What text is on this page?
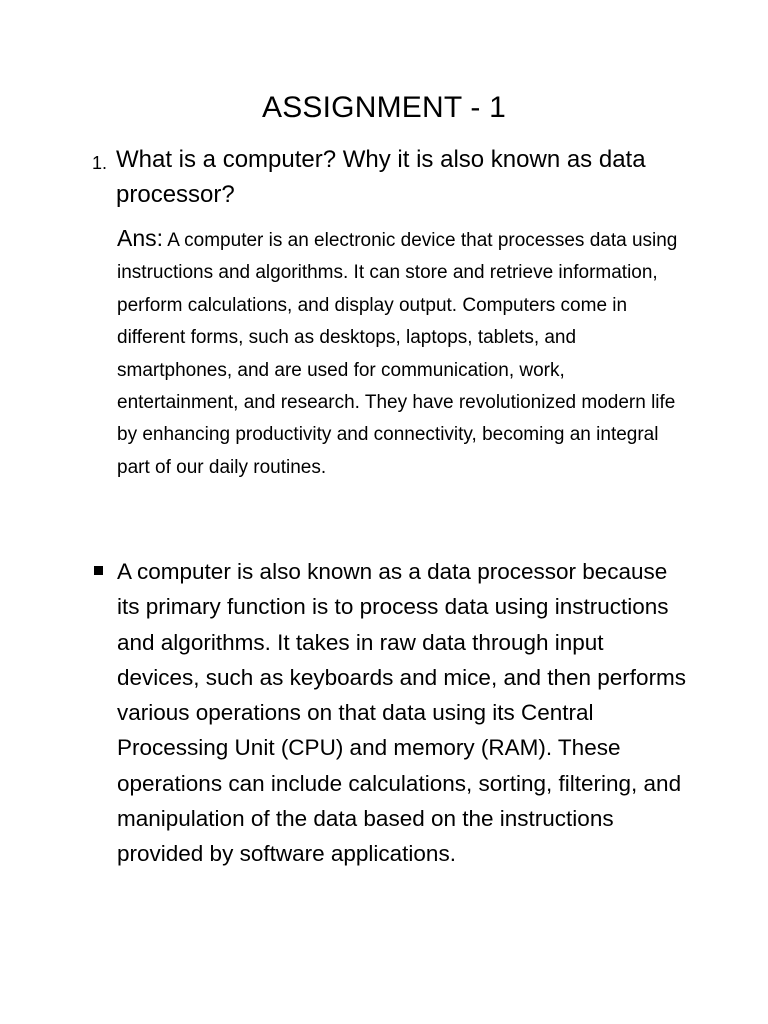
ASSIGNMENT - 1
1. What is a computer? Why it is also known as data processor?
Ans: A computer is an electronic device that processes data using instructions and algorithms. It can store and retrieve information, perform calculations, and display output. Computers come in different forms, such as desktops, laptops, tablets, and smartphones, and are used for communication, work, entertainment, and research. They have revolutionized modern life by enhancing productivity and connectivity, becoming an integral part of our daily routines.
A computer is also known as a data processor because its primary function is to process data using instructions and algorithms. It takes in raw data through input devices, such as keyboards and mice, and then performs various operations on that data using its Central Processing Unit (CPU) and memory (RAM). These operations can include calculations, sorting, filtering, and manipulation of the data based on the instructions provided by software applications.
